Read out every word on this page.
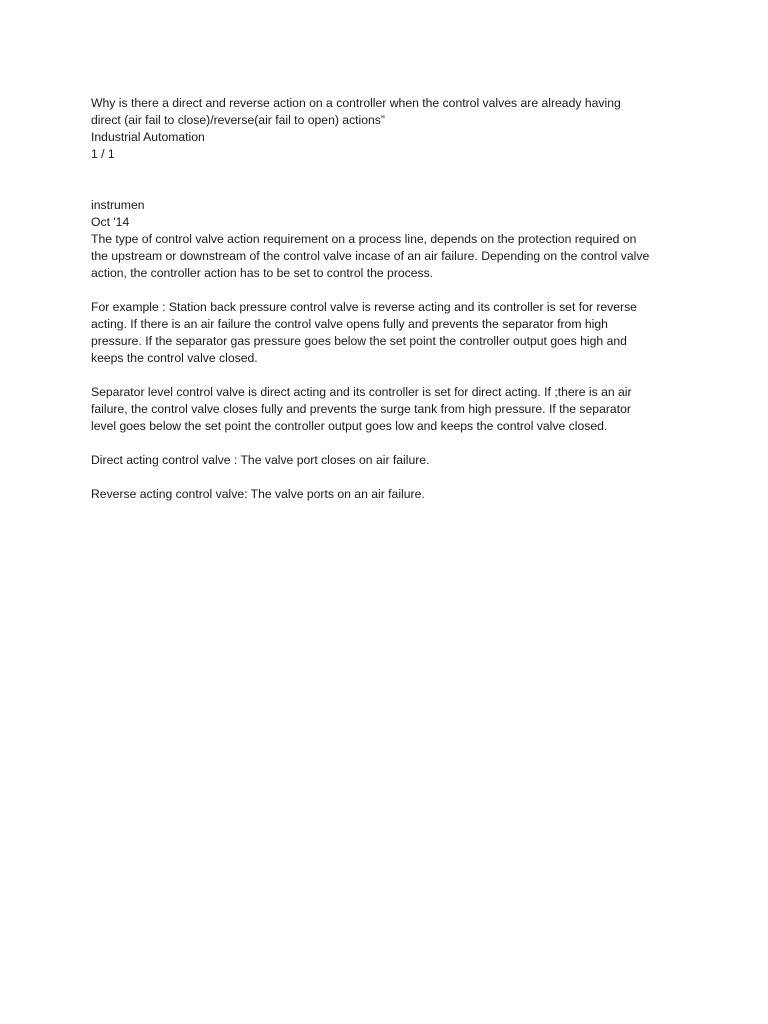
Why is there a direct and reverse action on a controller when the control valves are already having
direct (air fail to close)/reverse(air fail to open) actions”
Industrial Automation
1 / 1
instrumen
Oct '14
The type of control valve action requirement on a process line, depends on the protection required on
the upstream or downstream of the control valve incase of an air failure. Depending on the control valve
action, the controller action has to be set to control the process.
For example : Station back pressure control valve is reverse acting and its controller is set for reverse
acting. If there is an air failure the control valve opens fully and prevents the separator from high
pressure. If the separator gas pressure goes below the set point the controller output goes high and
keeps the control valve closed.
Separator level control valve is direct acting and its controller is set for direct acting. If ;there is an air
failure, the control valve closes fully and prevents the surge tank from high pressure. If the separator
level goes below the set point the controller output goes low and keeps the control valve closed.
Direct acting control valve : The valve port closes on air failure.
Reverse acting control valve: The valve ports on an air failure.
